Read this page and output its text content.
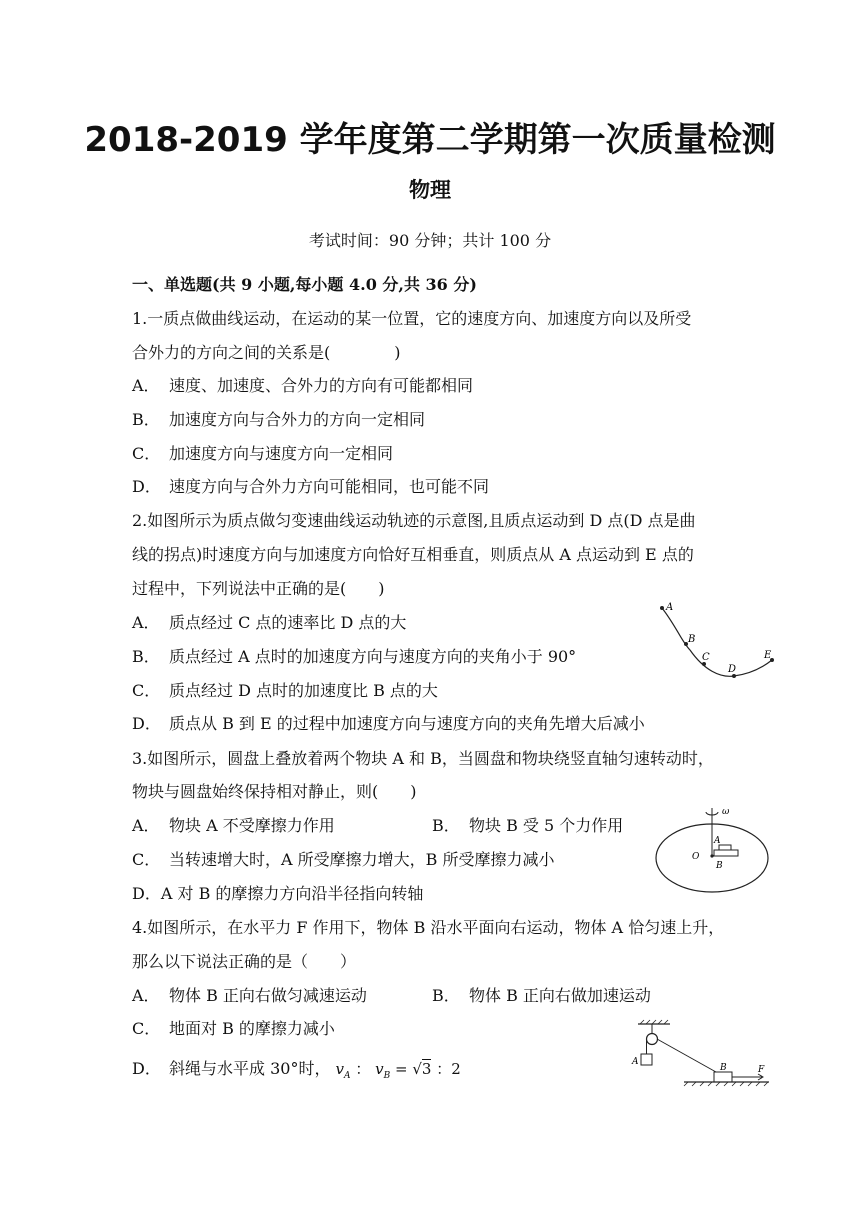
2018-2019 学年度第二学期第一次质量检测
物理
考试时间：90 分钟；共计 100 分
一、单选题(共 9 小题,每小题 4.0 分,共 36 分)
1.一质点做曲线运动，在运动的某一位置，它的速度方向、加速度方向以及所受
合外力的方向之间的关系是(　　　　)
A． 速度、加速度、合外力的方向有可能都相同
B． 加速度方向与合外力的方向一定相同
C． 加速度方向与速度方向一定相同
D． 速度方向与合外力方向可能相同，也可能不同
2.如图所示为质点做匀变速曲线运动轨迹的示意图,且质点运动到 D 点(D 点是曲
线的拐点)时速度方向与加速度方向恰好互相垂直，则质点从 A 点运动到 E 点的
过程中，下列说法中正确的是(　　)
A． 质点经过 C 点的速率比 D 点的大
B． 质点经过 A 点时的加速度方向与速度方向的夹角小于 90°
C． 质点经过 D 点时的加速度比 B 点的大
D． 质点从 B 到 E 的过程中加速度方向与速度方向的夹角先增大后减小
A
B
C
D
E
3.如图所示，圆盘上叠放着两个物块 A 和 B，当圆盘和物块绕竖直轴匀速转动时，
物块与圆盘始终保持相对静止，则(　　)
A． 物块 A 不受摩擦力作用	B． 物块 B 受 5 个力作用
C． 当转速增大时，A 所受摩擦力增大，B 所受摩擦力减小
D．A 对 B 的摩擦力方向沿半径指向转轴
ω
O
A
B
4.如图所示，在水平力 F 作用下，物体 B 沿水平面向右运动，物体 A 恰匀速上升，
那么以下说法正确的是（　　）
A． 物体 B 正向右做匀减速运动	B． 物体 B 正向右做加速运动
C． 地面对 B 的摩擦力减小
D． 斜绳与水平成 30°时， $v_A$ ： $v_B = √3$ ：2	A
B	F
